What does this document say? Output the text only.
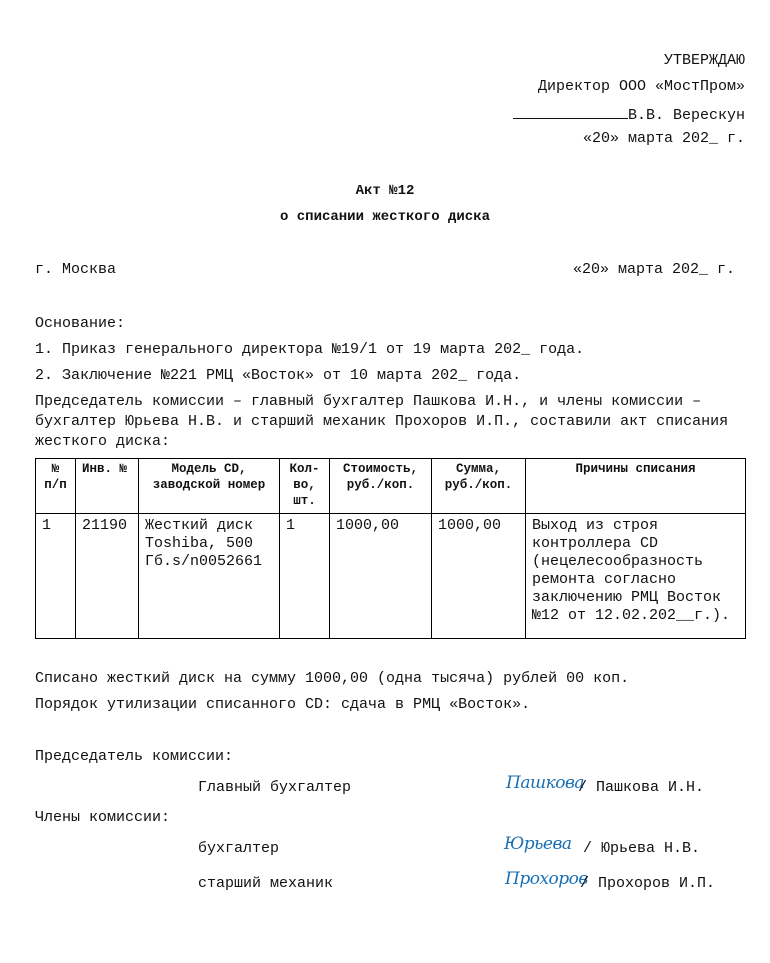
УТВЕРЖДАЮ
Директор ООО «МостПром»
В.В. Верескун
«20» марта 202_ г.
Акт №12
о списании жесткого диска
г. Москва	«20» марта 202_ г.
Основание:
1. Приказ генерального директора №19/1 от 19 марта 202_ года.
2. Заключение №221 РМЦ «Восток» от 10 марта 202_ года.
Председатель комиссии – главный бухгалтер Пашкова И.Н., и члены комиссии – бухгалтер Юрьева Н.В. и старший механик Прохоров И.П., составили акт списания жесткого диска:
№ п/п	Инв. №	Модель CD, заводской номер	Кол-во, шт.	Стоимость, руб./коп.	Сумма, руб./коп.	Причины списания
1	21190	Жесткий диск Toshiba, 500 Гб.s/n0052661	1	1000,00	1000,00	Выход из строя контроллера CD (нецелесообразность ремонта согласно заключению РМЦ Восток №12 от 12.02.202__г.).
Списано жесткий диск на сумму 1000,00 (одна тысяча) рублей 00 коп.
Порядок утилизации списанного CD: сдача в РМЦ «Восток».
Председатель комиссии:
Главный бухгалтер	Пашкова
/ Пашкова И.Н.
Члены комиссии:
бухгалтер	Юрьева / Юрьева Н.В.
старший механик	Прохоров
/ Прохоров И.П.
